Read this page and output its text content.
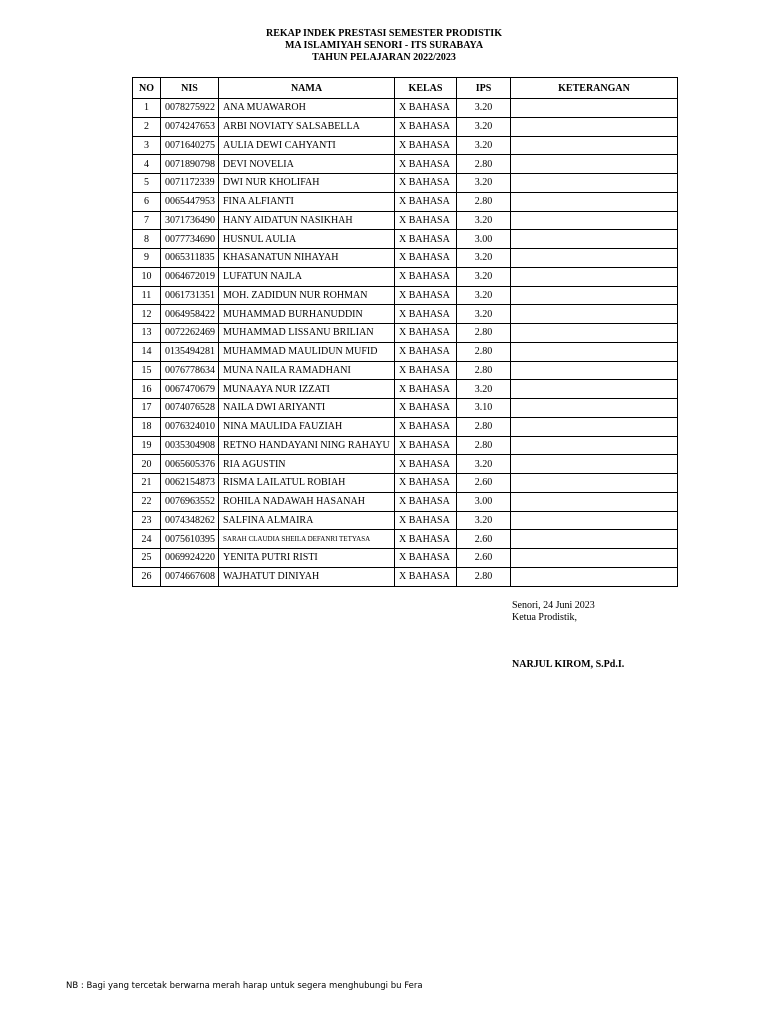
REKAP INDEK PRESTASI SEMESTER PRODISTIK
MA ISLAMIYAH SENORI - ITS SURABAYA
TAHUN PELAJARAN 2022/2023
NO	NIS	NAMA	KELAS	IPS	KETERANGAN
1	0078275922	ANA MUAWAROH	X BAHASA	3.20	
2	0074247653	ARBI NOVIATY SALSABELLA	X BAHASA	3.20	
3	0071640275	AULIA DEWI CAHYANTI	X BAHASA	3.20	
4	0071890798	DEVI NOVELIA	X BAHASA	2.80	
5	0071172339	DWI NUR KHOLIFAH	X BAHASA	3.20	
6	0065447953	FINA ALFIANTI	X BAHASA	2.80	
7	3071736490	HANY AIDATUN NASIKHAH	X BAHASA	3.20	
8	0077734690	HUSNUL AULIA	X BAHASA	3.00	
9	0065311835	KHASANATUN NIHAYAH	X BAHASA	3.20	
10	0064672019	LUFATUN NAJLA	X BAHASA	3.20	
11	0061731351	MOH. ZADIDUN NUR ROHMAN	X BAHASA	3.20	
12	0064958422	MUHAMMAD BURHANUDDIN	X BAHASA	3.20	
13	0072262469	MUHAMMAD LISSANU BRILIAN	X BAHASA	2.80	
14	0135494281	MUHAMMAD MAULIDUN MUFID	X BAHASA	2.80	
15	0076778634	MUNA NAILA RAMADHANI	X BAHASA	2.80	
16	0067470679	MUNAAYA NUR IZZATI	X BAHASA	3.20	
17	0074076528	NAILA DWI ARIYANTI	X BAHASA	3.10	
18	0076324010	NINA MAULIDA FAUZIAH	X BAHASA	2.80	
19	0035304908	RETNO HANDAYANI NING RAHAYU	X BAHASA	2.80	
20	0065605376	RIA AGUSTIN	X BAHASA	3.20	
21	0062154873	RISMA LAILATUL ROBIAH	X BAHASA	2.60	
22	0076963552	ROHILA NADAWAH HASANAH	X BAHASA	3.00	
23	0074348262	SALFINA ALMAIRA	X BAHASA	3.20	
24	0075610395	SARAH CLAUDIA SHEILA DEFANRI TETYASA	X BAHASA	2.60	
25	0069924220	YENITA PUTRI RISTI	X BAHASA	2.60	
26	0074667608	WAJHATUT DINIYAH	X BAHASA	2.80	
Senori, 24 Juni 2023
Ketua Prodistik,
NARJUL KIROM, S.Pd.I.
NB : Bagi yang tercetak berwarna merah harap untuk segera menghubungi bu Fera
